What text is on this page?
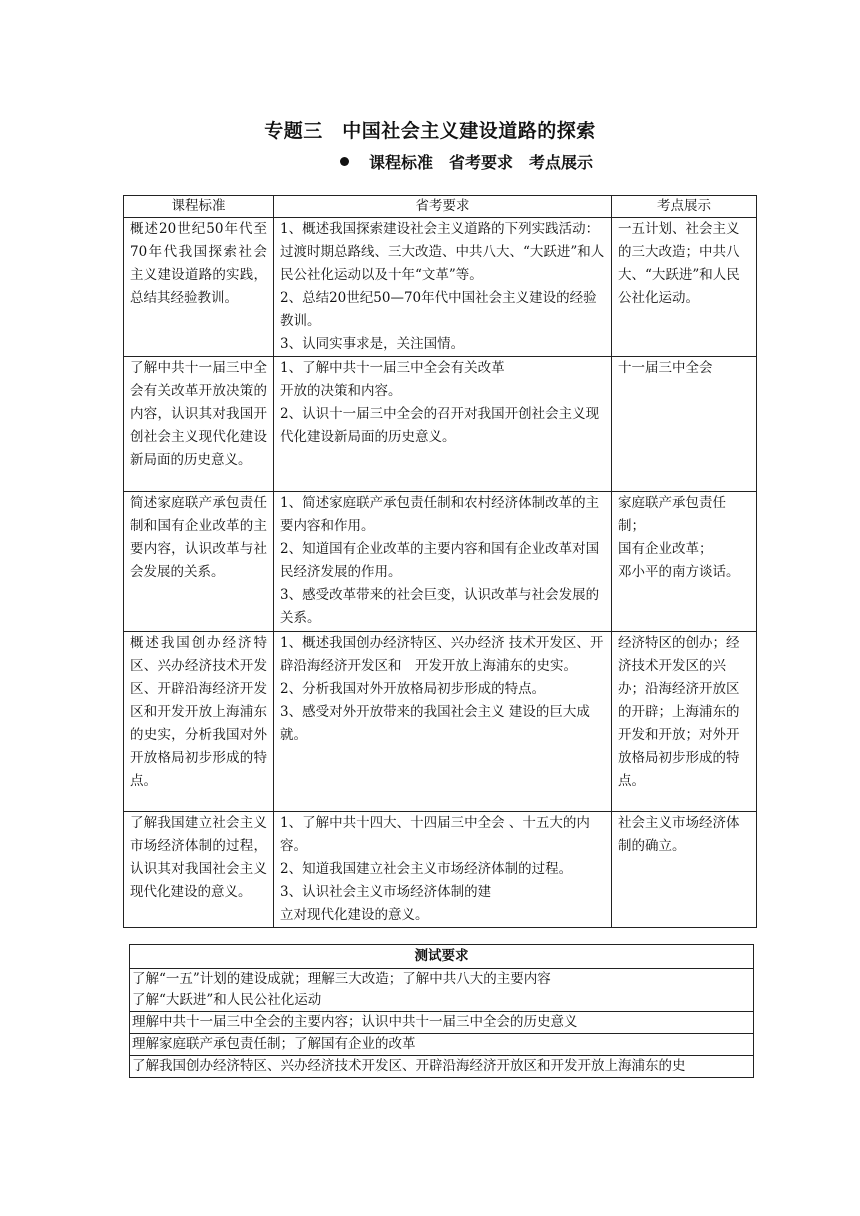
专题三　中国社会主义建设道路的探索
课程标准　省考要求　考点展示
课程标准	省考要求	考点展示

概述20世纪50年代至70年代我国探索社会主义建设道路的实践，总结其经验教训。	1、概述我国探索建设社会主义道路的下列实践活动：过渡时期总路线、三大改造、中共八大、“大跃进”和人民公社化运动以及十年“文革”等。
2、总结20世纪50—70年代中国社会主义建设的经验教训。
3、认同实事求是，关注国情。	一五计划、社会主义的三大改造；中共八大、“大跃进”和人民公社化运动。

了解中共十一届三中全会有关改革开放决策的内容，认识其对我国开创社会主义现代化建设新局面的历史意义。	1、了解中共十一届三中全会有关改革
开放的决策和内容。
2、认识十一届三中全会的召开对我国开创社会主义现代化建设新局面的历史意义。	十一届三中全会

简述家庭联产承包责任制和国有企业改革的主要内容，认识改革与社会发展的关系。	1、简述家庭联产承包责任制和农村经济体制改革的主要内容和作用。
2、知道国有企业改革的主要内容和国有企业改革对国民经济发展的作用。
3、感受改革带来的社会巨变，认识改革与社会发展的关系。	家庭联产承包责任制；
国有企业改革；
邓小平的南方谈话。

概述我国创办经济特区、兴办经济技术开发区、开辟沿海经济开发区和开发开放上海浦东的史实，分析我国对外开放格局初步形成的特点。	1、概述我国创办经济特区、兴办经济 技术开发区、开辟沿海经济开发区和　开发开放上海浦东的史实。
2、分析我国对外开放格局初步形成的特点。
3、感受对外开放带来的我国社会主义 建设的巨大成就。	经济特区的创办；经济技术开发区的兴办；沿海经济开放区的开辟；上海浦东的开发和开放；对外开放格局初步形成的特点。

了解我国建立社会主义市场经济体制的过程，认识其对我国社会主义现代化建设的意义。	1、了解中共十四大、十四届三中全会 、十五大的内容。
2、知道我国建立社会主义市场经济体制的过程。
3、认识社会主义市场经济体制的建
立对现代化建设的意义。	社会主义市场经济体制的确立。
测试要求

了解“一五”计划的建设成就；理解三大改造；了解中共八大的主要内容
了解“大跃进”和人民公社化运动

理解中共十一届三中全会的主要内容；认识中共十一届三中全会的历史意义

理解家庭联产承包责任制；了解国有企业的改革

了解我国创办经济特区、兴办经济技术开发区、开辟沿海经济开放区和开发开放上海浦东的史
